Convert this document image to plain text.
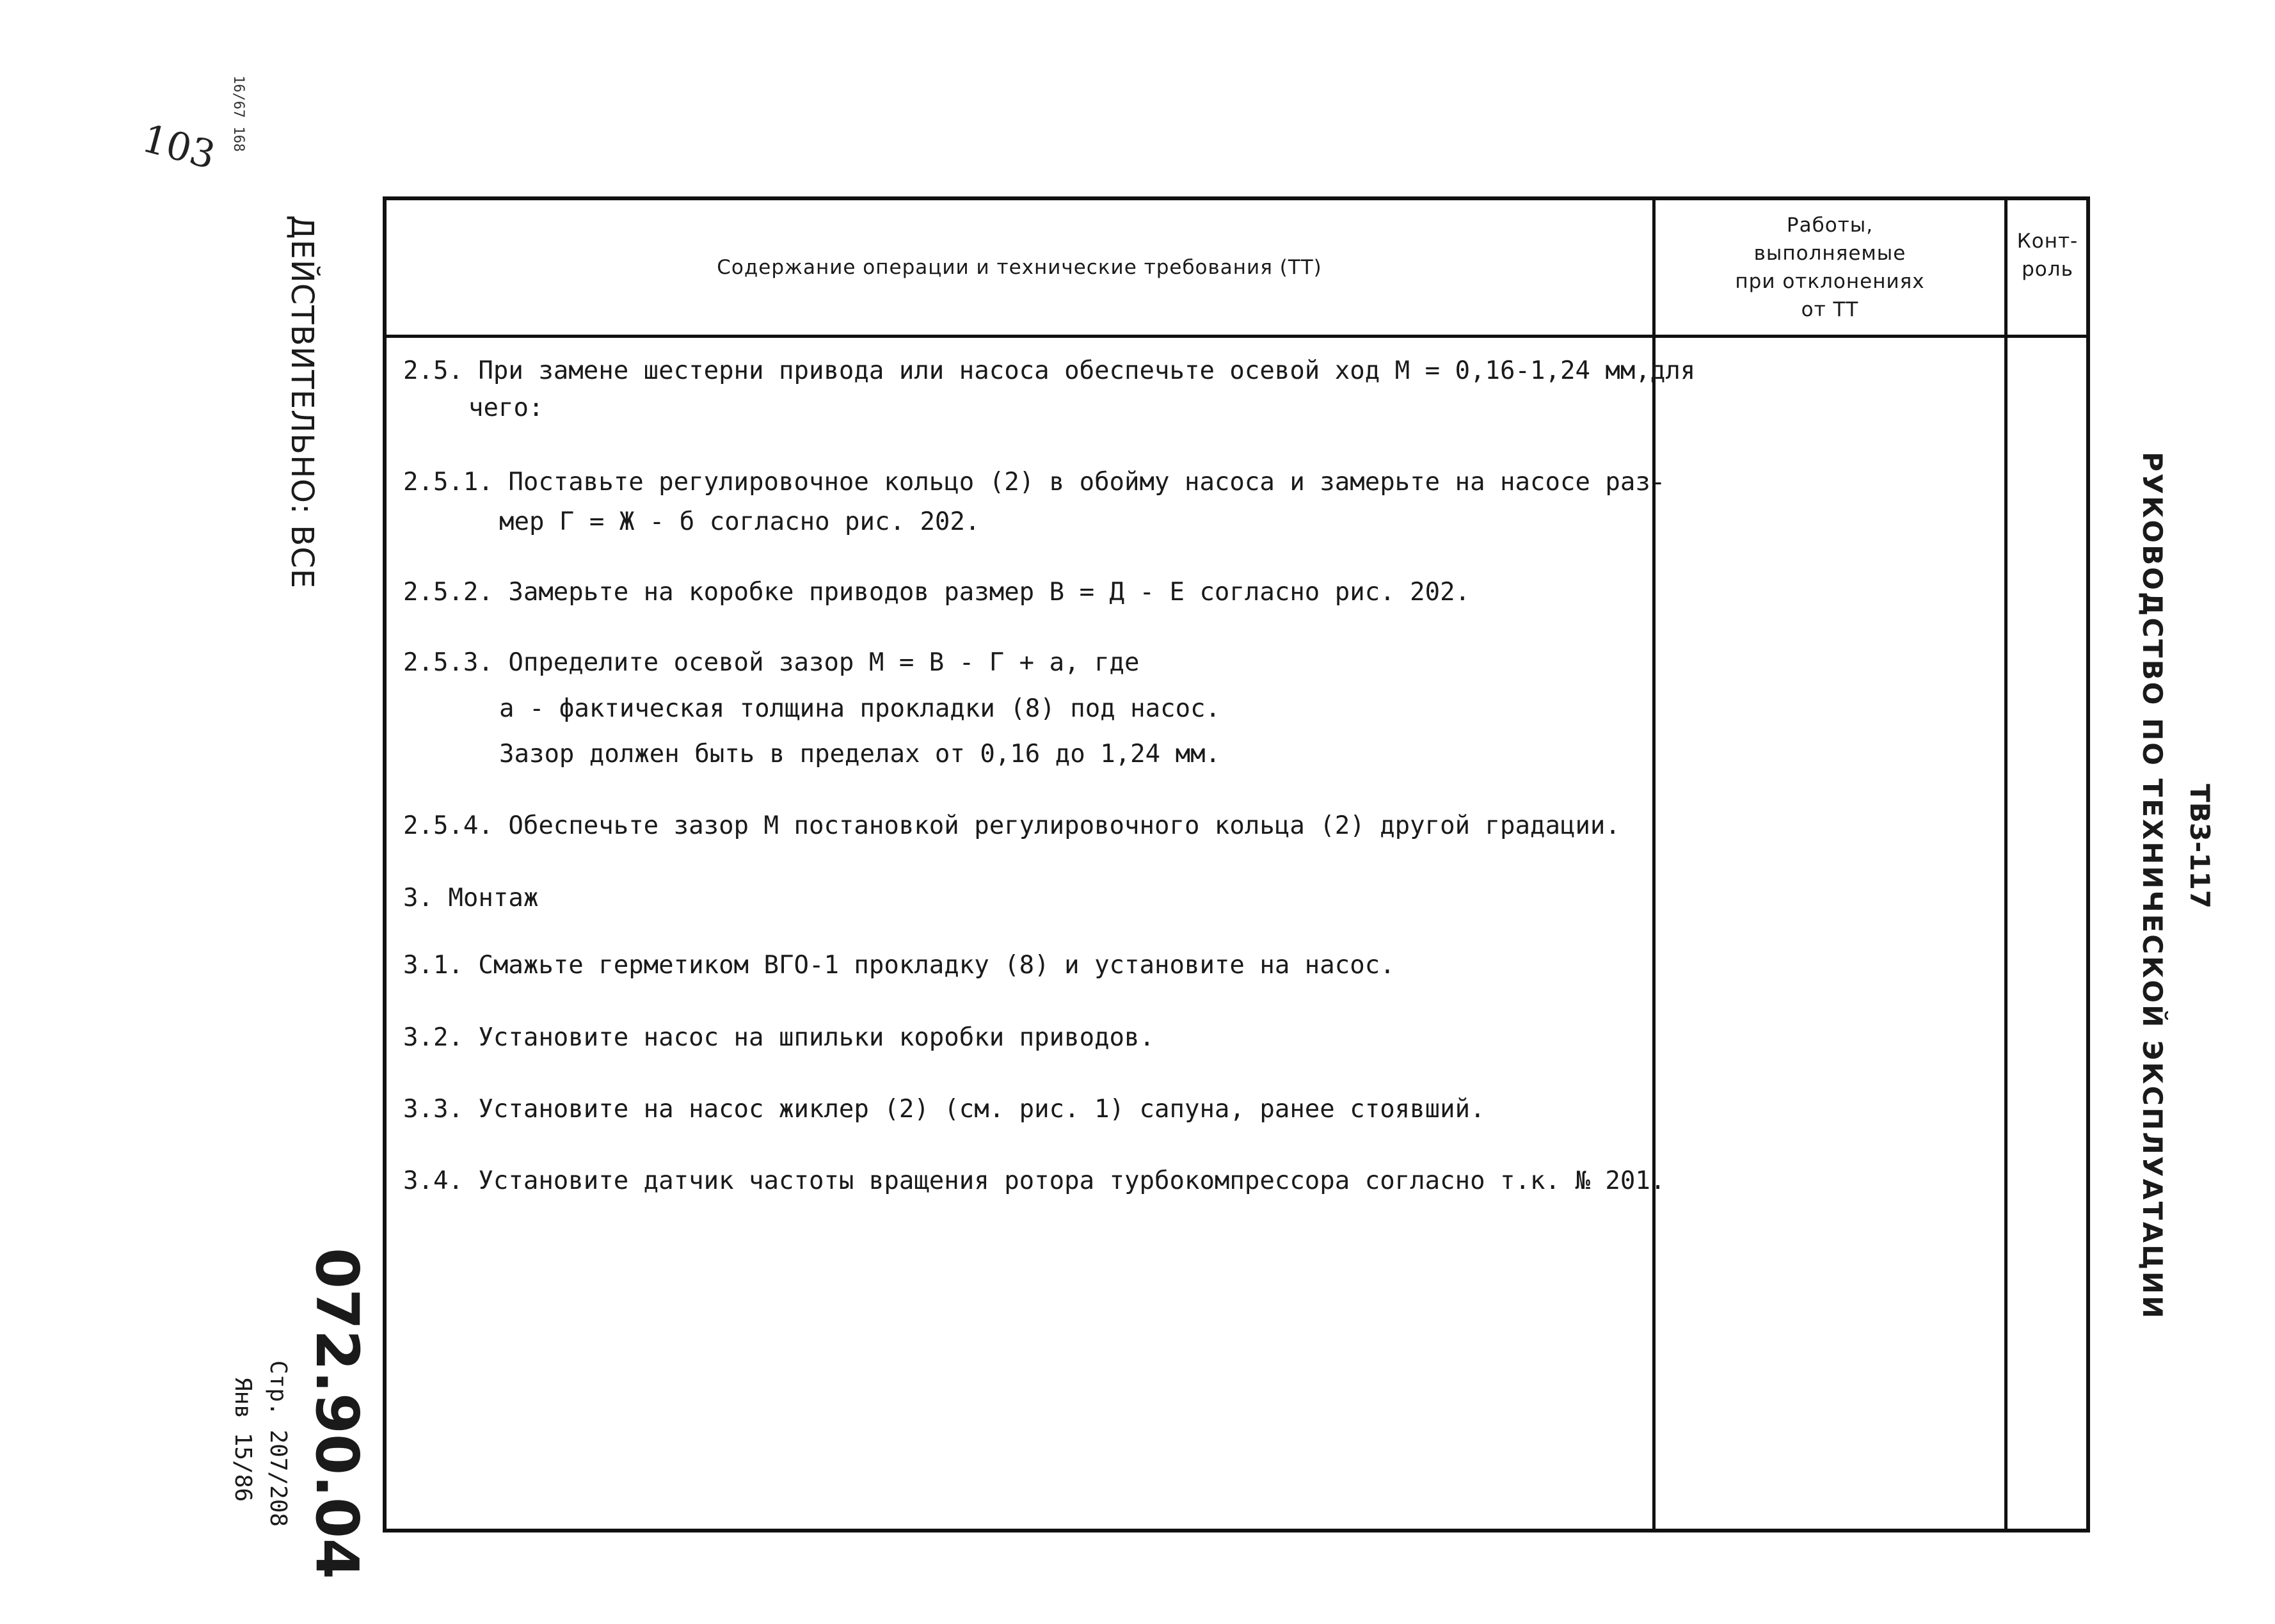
103 16/67 168
ДЕЙСТВИТЕЛЬНО: ВСЕ
072.90.04
Стр. 207/208
Янв 15/86
ТВ3-117
РУКОВОДСТВО ПО ТЕХНИЧЕСКОЙ ЭКСПЛУАТАЦИИ
Содержание операции и технические требования (ТТ)
Работы,
выполняемые
при отклонениях
от ТТ
Конт-
роль
2.5. При замене шестерни привода или насоса обеспечьте осевой ход М = 0,16-1,24 мм,для
чего:
2.5.1. Поставьте регулировочное кольцо (2) в обойму насоса и замерьте на насосе раз-
мер Г = Ж - б согласно рис. 202.
2.5.2. Замерьте на коробке приводов размер В = Д - Е согласно рис. 202.
2.5.3. Определите осевой зазор М = В - Г + а, где
а - фактическая толщина прокладки (8) под насос.
Зазор должен быть в пределах от 0,16 до 1,24 мм.
2.5.4. Обеспечьте зазор М постановкой регулировочного кольца (2) другой градации.
3. Монтаж
3.1. Смажьте герметиком ВГО-1 прокладку (8) и установите на насос.
3.2. Установите насос на шпильки коробки приводов.
3.3. Установите на насос жиклер (2) (см. рис. 1) сапуна, ранее стоявший.
3.4. Установите датчик частоты вращения ротора турбокомпрессора согласно т.к. № 201.
